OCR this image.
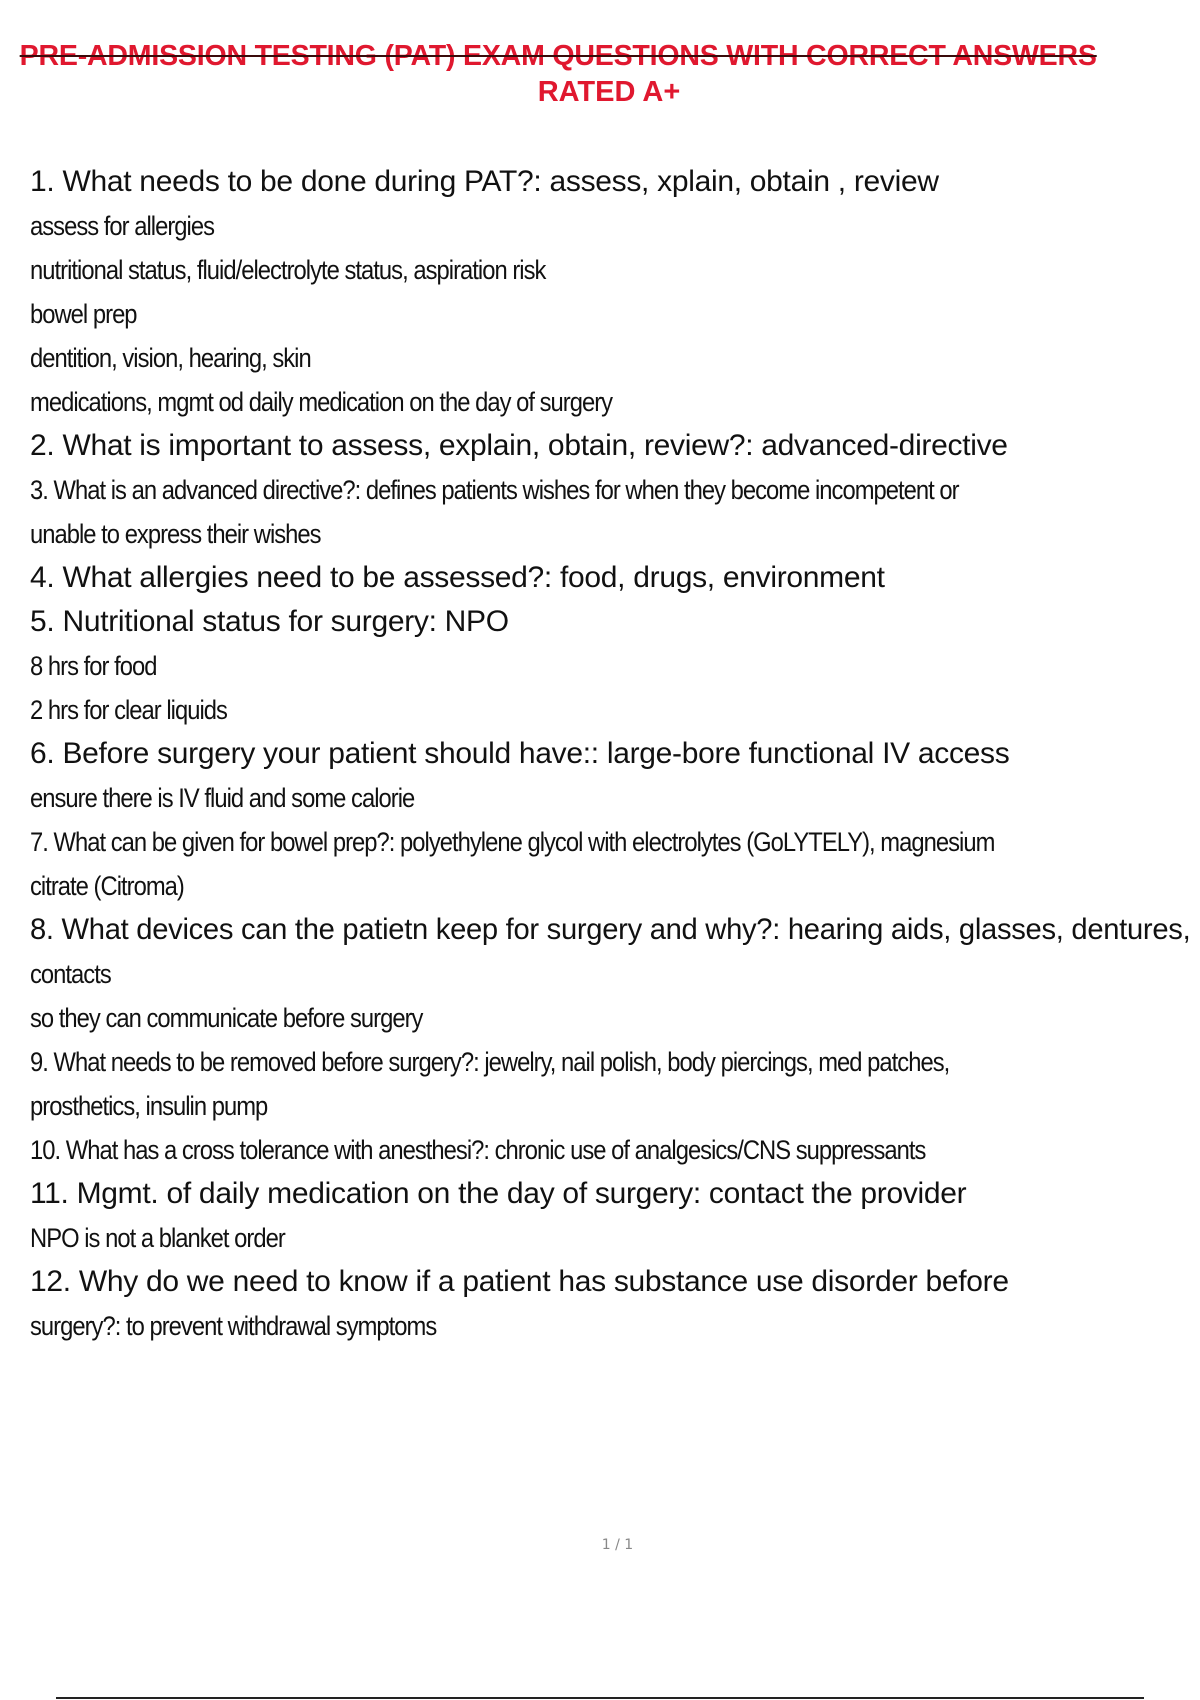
PRE-ADMISSION TESTING (PAT) EXAM QUESTIONS WITH CORRECT ANSWERS
RATED A+
1. What needs to be done during PAT?: assess, xplain, obtain , review
assess for allergies
nutritional status, fluid/electrolyte status, aspiration risk
bowel prep
dentition, vision, hearing, skin
medications, mgmt od daily medication on the day of surgery
2. What is important to assess, explain, obtain, review?: advanced-directive
3. What is an advanced directive?: defines patients wishes for when they become incompetent or
unable to express their wishes
4. What allergies need to be assessed?: food, drugs, environment
5. Nutritional status for surgery: NPO
8 hrs for food
2 hrs for clear liquids
6. Before surgery your patient should have:: large-bore functional IV access
ensure there is IV fluid and some calorie
7. What can be given for bowel prep?: polyethylene glycol with electrolytes (GoLYTELY), magnesium
citrate (Citroma)
8. What devices can the patietn keep for surgery and why?: hearing aids, glasses, dentures,
contacts
so they can communicate before surgery
9. What needs to be removed before surgery?: jewelry, nail polish, body piercings, med patches,
prosthetics, insulin pump
10. What has a cross tolerance with anesthesi?: chronic use of analgesics/CNS suppressants
11. Mgmt. of daily medication on the day of surgery: contact the provider
NPO is not a blanket order
12. Why do we need to know if a patient has substance use disorder before
surgery?: to prevent withdrawal symptoms
1 / 1
